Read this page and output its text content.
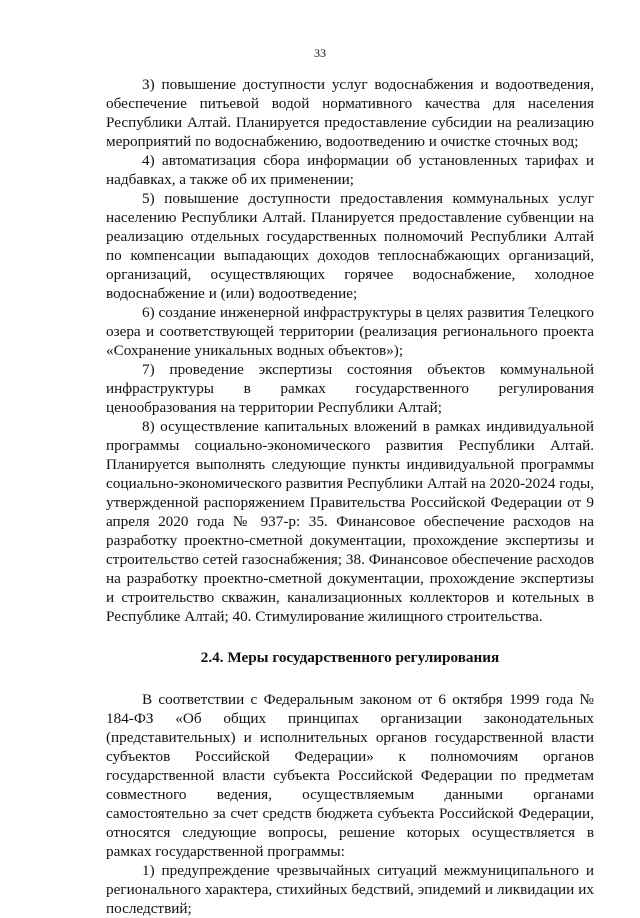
33

3) повышение доступности услуг водоснабжения и водоотведения, обеспечение питьевой водой нормативного качества для населения Республики Алтай. Планируется предоставление субсидии на реализацию мероприятий по водоснабжению, водоотведению и очистке сточных вод;

4) автоматизация сбора информации об установленных тарифах и надбавках, а также об их применении;

5) повышение доступности предоставления коммунальных услуг населению Республики Алтай. Планируется предоставление субвенции на реализацию отдельных государственных полномочий Республики Алтай по компенсации выпадающих доходов теплоснабжающих организаций, организаций, осуществляющих горячее водоснабжение, холодное водоснабжение и (или) водоотведение;

6) создание инженерной инфраструктуры в целях развития Телецкого озера и соответствующей территории (реализация регионального проекта «Сохранение уникальных водных объектов»);

7) проведение экспертизы состояния объектов коммунальной инфраструктуры в рамках государственного регулирования ценообразования на территории Республики Алтай;

8) осуществление капитальных вложений в рамках индивидуальной программы социально-экономического развития Республики Алтай. Планируется выполнять следующие пункты индивидуальной программы социально-экономического развития Республики Алтай на 2020-2024 годы, утвержденной распоряжением Правительства Российской Федерации от 9 апреля 2020 года № 937-р: 35. Финансовое обеспечение расходов на разработку проектно-сметной документации, прохождение экспертизы и строительство сетей газоснабжения; 38. Финансовое обеспечение расходов на разработку проектно-сметной документации, прохождение экспертизы и строительство скважин, канализационных коллекторов и котельных в Республике Алтай; 40. Стимулирование жилищного строительства.

2.4. Меры государственного регулирования

В соответствии с Федеральным законом от 6 октября 1999 года № 184-ФЗ «Об общих принципах организации законодательных (представительных) и исполнительных органов государственной власти субъектов Российской Федерации» к полномочиям органов государственной власти субъекта Российской Федерации по предметам совместного ведения, осуществляемым данными органами самостоятельно за счет средств бюджета субъекта Российской Федерации, относятся следующие вопросы, решение которых осуществляется в рамках государственной программы:

1) предупреждение чрезвычайных ситуаций межмуниципального и регионального характера, стихийных бедствий, эпидемий и ликвидации их последствий;
